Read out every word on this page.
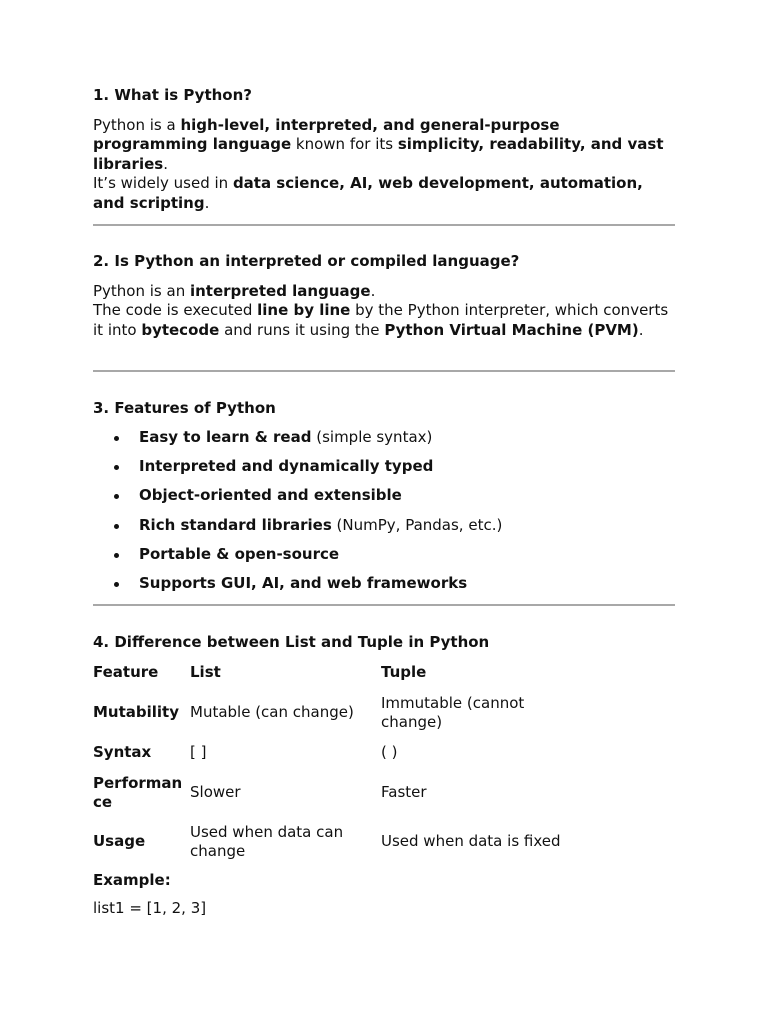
1. What is Python?

Python is a high-level, interpreted, and general-purpose programming language known for its simplicity, readability, and vast libraries.
It’s widely used in data science, AI, web development, automation, and scripting.

2. Is Python an interpreted or compiled language?

Python is an interpreted language.
The code is executed line by line by the Python interpreter, which converts it into bytecode and runs it using the Python Virtual Machine (PVM).

3. Features of Python
Easy to learn & read (simple syntax)
Interpreted and dynamically typed
Object-oriented and extensible
Rich standard libraries (NumPy, Pandas, etc.)
Portable & open-source
Supports GUI, AI, and web frameworks
4. Difference between List and Tuple in Python
Feature	List	Tuple
Mutability	Mutable (can change)	Immutable (cannot change)
Syntax	[ ]	( )
Performance	Slower	Faster
Usage	Used when data can change	Used when data is fixed

Example:

list1 = [1, 2, 3]
